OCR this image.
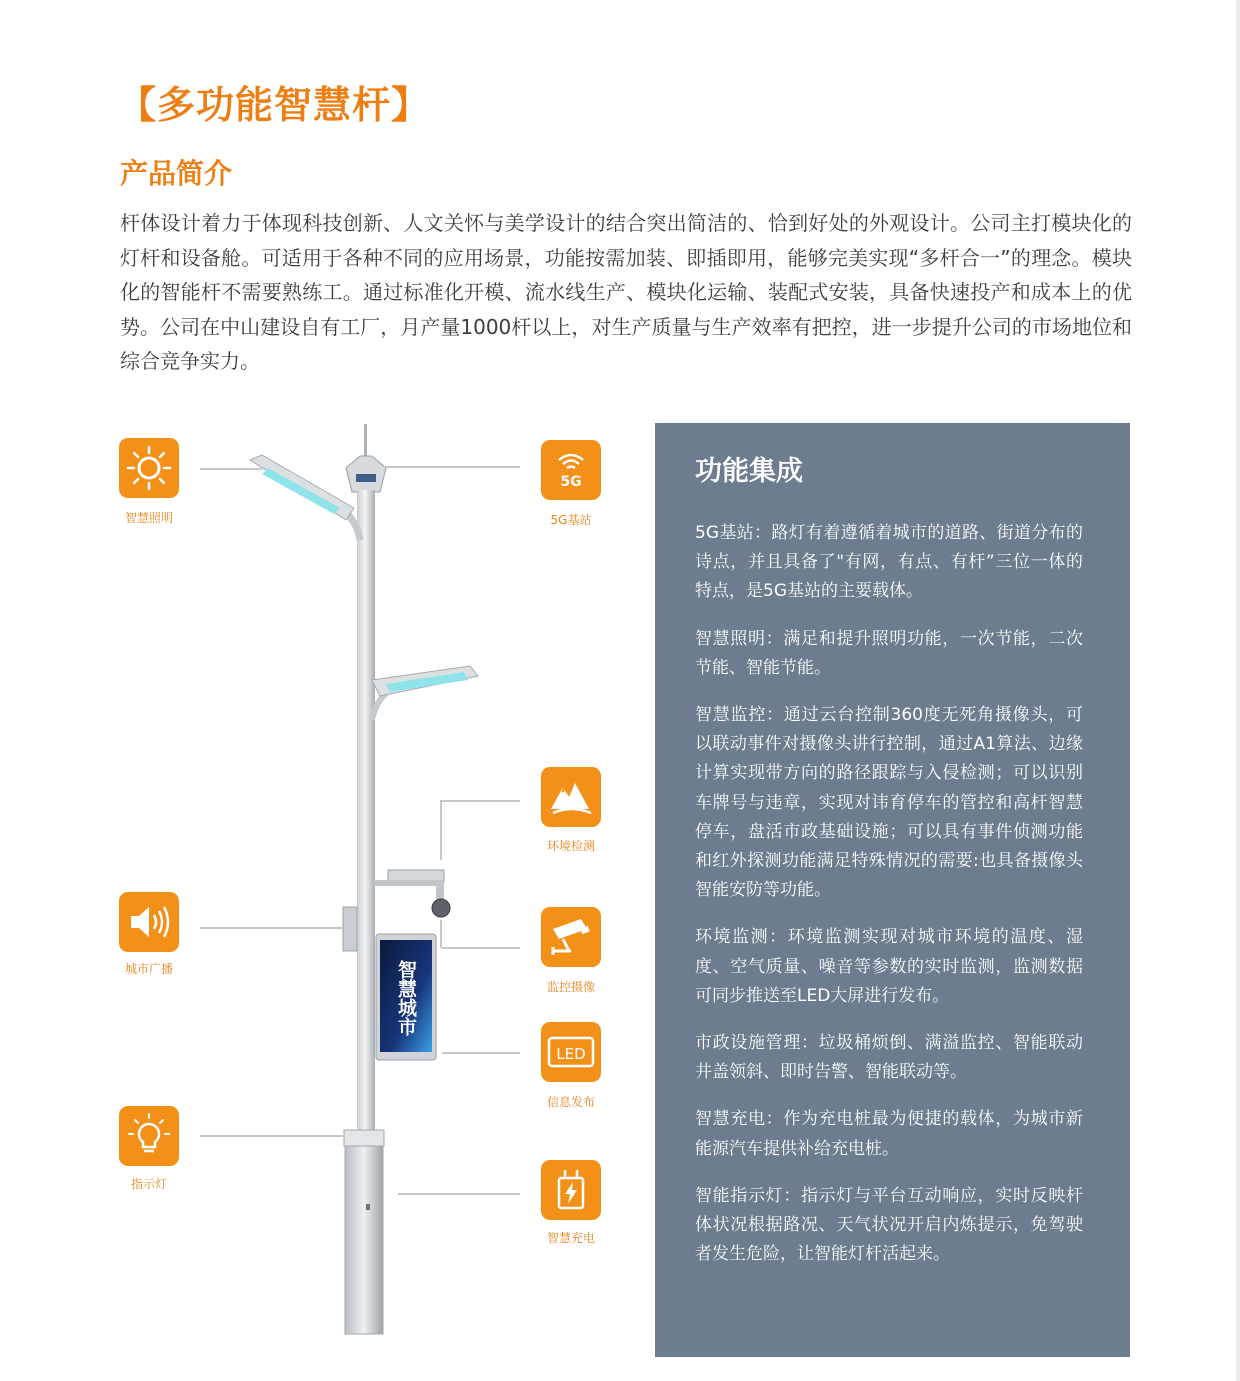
【多功能智慧杆】
产品简介
杆体设计着力于体现科技创新、人文关怀与美学设计的结合突出简洁的、恰到好处的外观设计。公司主打模块化的灯杆和设备舱。可适用于各种不同的应用场景，功能按需加装、即插即用，能够完美实现“多杆合一”的理念。模块化的智能杆不需要熟练工。通过标准化开模、流水线生产、模块化运输、装配式安装，具备快速投产和成本上的优势。公司在中山建设自有工厂，月产量1000杆以上，对生产质量与生产效率有把控，进一步提升公司的市场地位和综合竞争实力。
智慧城市
智慧照明
城市广播
指示灯
5G
5G基站
环境检测
监控摄像
LED
信息发布
智慧充电
功能集成

5G基站：路灯有着遵循着城市的道路、街道分布的诗点，并且具备了"有网，有点、有杆”三位一体的特点，是5G基站的主要载体。

智慧照明：满足和提升照明功能，一次节能，二次节能、智能节能。

智慧监控：通过云台控制360度无死角摄像头，可以联动事件对摄像头讲行控制，通过A1算法、边缘计算实现带方向的路径跟踪与入侵检测；可以识别车牌号与违章，实现对讳育停车的管控和高杆智慧停车，盘活市政基础设施；可以具有事件侦测功能和红外探测功能满足特殊情况的需要:也具备摄像头智能安防等功能。

环境监测：环境监测实现对城市环境的温度、湿度、空气质量、噪音等参数的实时监测，监测数据可同步推送至LED大屏进行发布。

市政设施管理：垃圾桶烦倒、满溢监控、智能联动井盖领斜、即时告警、智能联动等。

智慧充电：作为充电桩最为便捷的载体，为城市新能源汽车提供补给充电桩。

智能指示灯：指示灯与平台互动响应，实时反映杆体状况根据路况、天气状况开启内炼提示，免驾驶者发生危险，让智能灯杆活起来。
